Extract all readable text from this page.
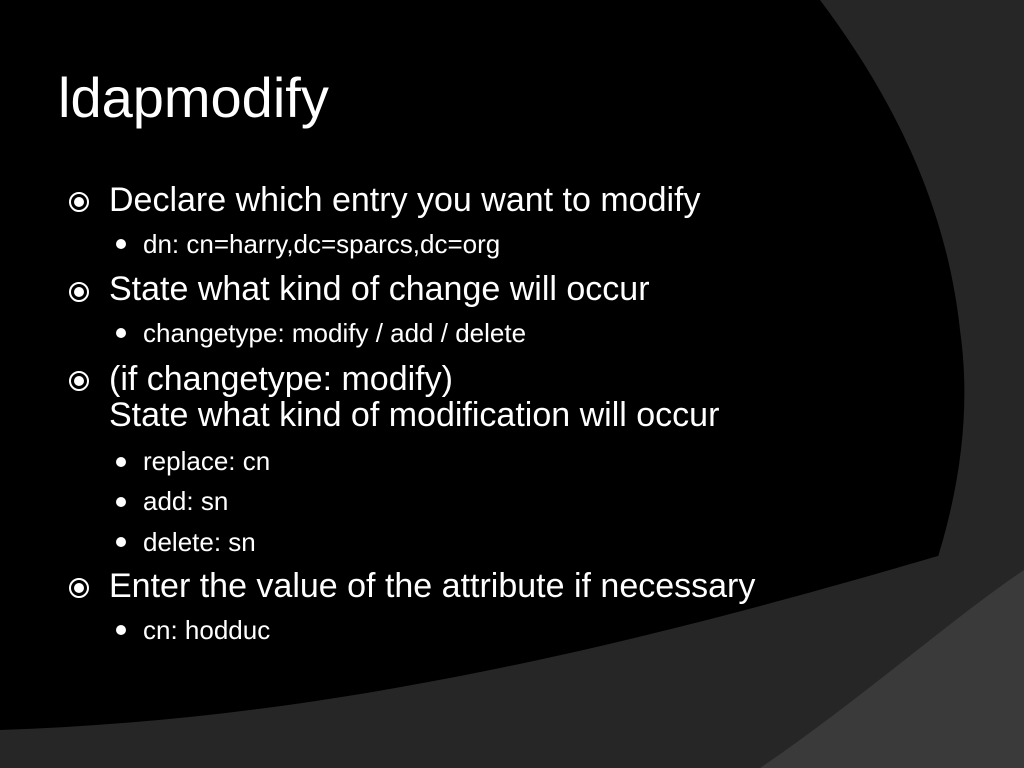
ldapmodify
Declare which entry you want to modify
dn: cn=harry,dc=sparcs,dc=org
State what kind of change will occur
changetype: modify / add / delete
(if changetype: modify)
State what kind of modification will occur
replace: cn
add: sn
delete: sn
Enter the value of the attribute if necessary
cn: hodduc
